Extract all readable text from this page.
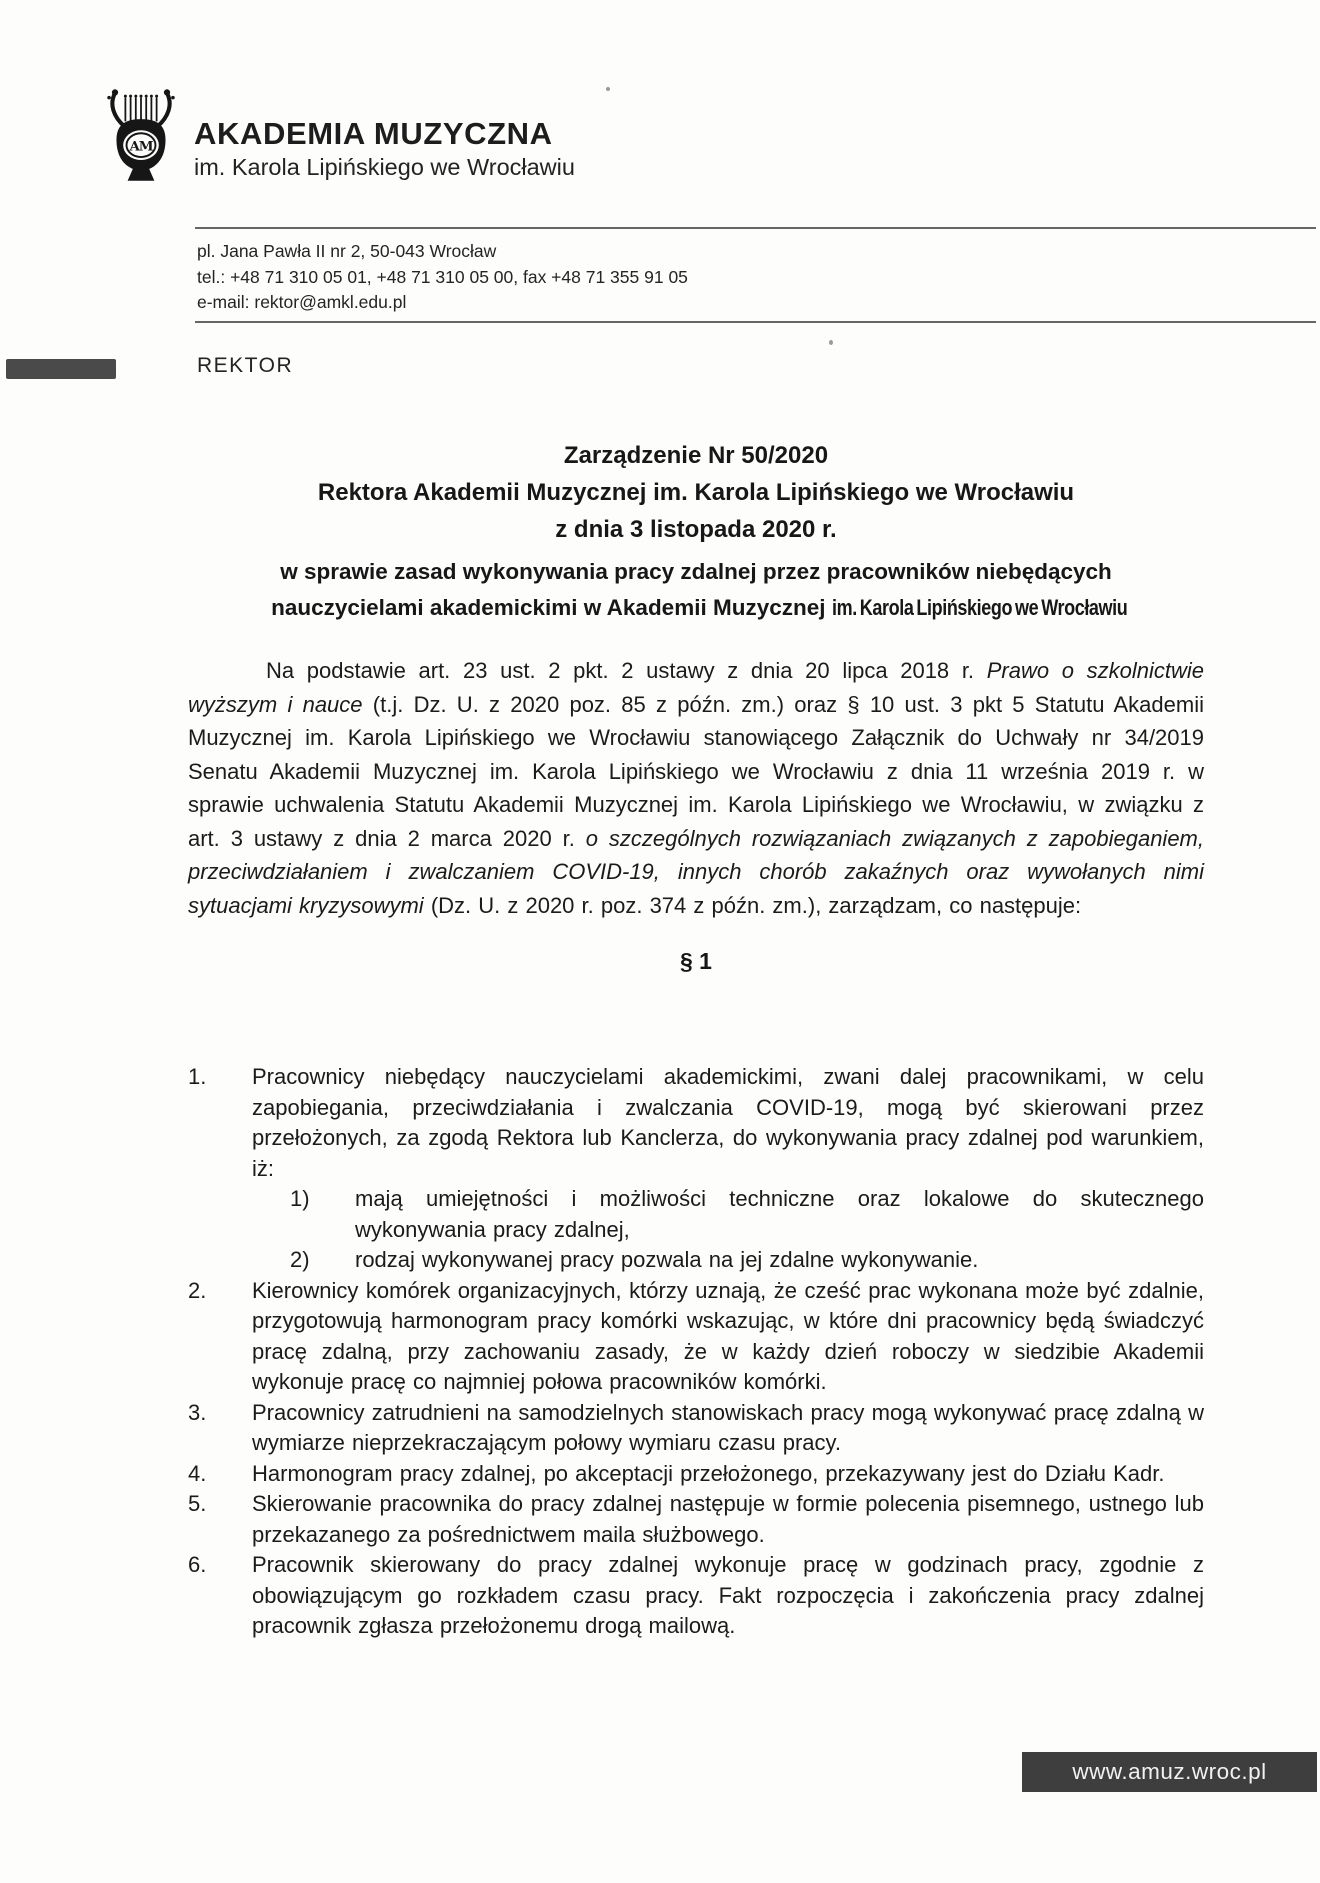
AM AKADEMIA MUZYCZNA
im. Karola Lipińskiego we Wrocławiu
pl. Jana Pawła II nr 2, 50-043 Wrocław
tel.: +48 71 310 05 01, +48 71 310 05 00, fax +48 71 355 91 05
e-mail: rektor@amkl.edu.pl
REKTOR
Zarządzenie Nr 50/2020
Rektora Akademii Muzycznej im. Karola Lipińskiego we Wrocławiu
z dnia 3 listopada 2020 r.
w sprawie zasad wykonywania pracy zdalnej przez pracowników niebędących
nauczycielami akademickimi w Akademii Muzycznej im. Karola Lipińskiego we Wrocławiu
Na podstawie art. 23 ust. 2 pkt. 2 ustawy z dnia 20 lipca 2018 r. Prawo o szkolnictwie wyższym i nauce (t.j. Dz. U. z 2020 poz. 85 z późn. zm.) oraz § 10 ust. 3 pkt 5 Statutu Akademii Muzycznej im. Karola Lipińskiego we Wrocławiu stanowiącego Załącznik do Uchwały nr 34/2019 Senatu Akademii Muzycznej im. Karola Lipińskiego we Wrocławiu z dnia 11 września 2019 r. w sprawie uchwalenia Statutu Akademii Muzycznej im. Karola Lipińskiego we Wrocławiu, w związku z art. 3 ustawy z dnia 2 marca 2020 r. o szczególnych rozwiązaniach związanych z zapobieganiem, przeciwdziałaniem i zwalczaniem COVID-19, innych chorób zakaźnych oraz wywołanych nimi sytuacjami kryzysowymi (Dz. U. z 2020 r. poz. 374 z późn. zm.), zarządzam, co następuje:
§ 1
1.	Pracownicy niebędący nauczycielami akademickimi, zwani dalej pracownikami, w celu zapobiegania, przeciwdziałania i zwalczania COVID-19, mogą być skierowani przez przełożonych, za zgodą Rektora lub Kanclerza, do wykonywania pracy zdalnej pod warunkiem, iż:
1)	mają umiejętności i możliwości techniczne oraz lokalowe do skutecznego wykonywania pracy zdalnej,
2)	rodzaj wykonywanej pracy pozwala na jej zdalne wykonywanie.
2.	Kierownicy komórek organizacyjnych, którzy uznają, że cześć prac wykonana może być zdalnie, przygotowują harmonogram pracy komórki wskazując, w które dni pracownicy będą świadczyć pracę zdalną, przy zachowaniu zasady, że w każdy dzień roboczy w siedzibie Akademii wykonuje pracę co najmniej połowa pracowników komórki.
3.	Pracownicy zatrudnieni na samodzielnych stanowiskach pracy mogą wykonywać pracę zdalną w wymiarze nieprzekraczającym połowy wymiaru czasu pracy.
4.	Harmonogram pracy zdalnej, po akceptacji przełożonego, przekazywany jest do Działu Kadr.
5.	Skierowanie pracownika do pracy zdalnej następuje w formie polecenia pisemnego, ustnego lub przekazanego za pośrednictwem maila służbowego.
6.	Pracownik skierowany do pracy zdalnej wykonuje pracę w godzinach pracy, zgodnie z obowiązującym go rozkładem czasu pracy. Fakt rozpoczęcia i zakończenia pracy zdalnej pracownik zgłasza przełożonemu drogą mailową.
www.amuz.wroc.pl
